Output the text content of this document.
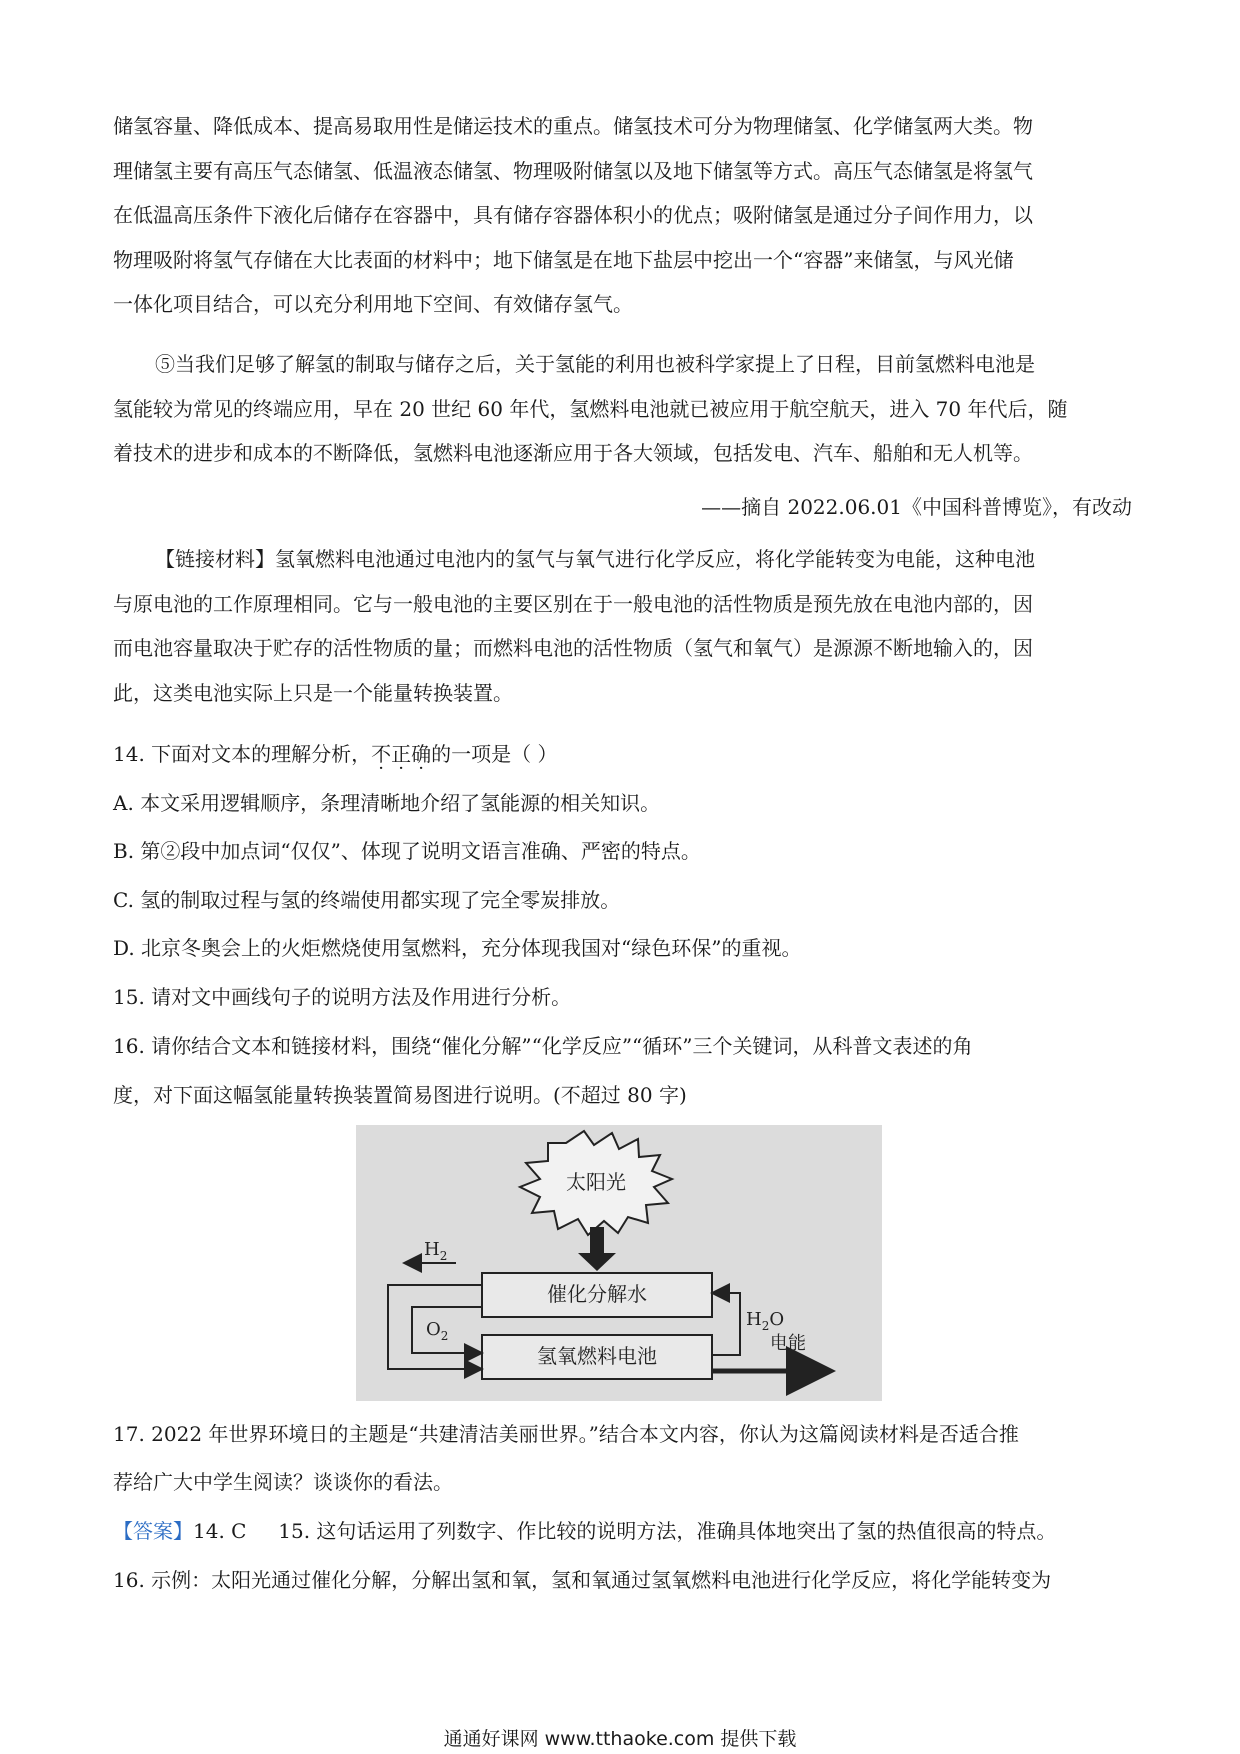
储氢容量、降低成本、提高易取用性是储运技术的重点。储氢技术可分为物理储氢、化学储氢两大类。物
理储氢主要有高压气态储氢、低温液态储氢、物理吸附储氢以及地下储氢等方式。高压气态储氢是将氢气
在低温高压条件下液化后储存在容器中，具有储存容器体积小的优点；吸附储氢是通过分子间作用力，以
物理吸附将氢气存储在大比表面的材料中；地下储氢是在地下盐层中挖出一个“容器”来储氢，与风光储
一体化项目结合，可以充分利用地下空间、有效储存氢气。
⑤当我们足够了解氢的制取与储存之后，关于氢能的利用也被科学家提上了日程，目前氢燃料电池是
氢能较为常见的终端应用，早在 20 世纪 60 年代，氢燃料电池就已被应用于航空航天，进入 70 年代后，随
着技术的进步和成本的不断降低，氢燃料电池逐渐应用于各大领域，包括发电、汽车、船舶和无人机等。
——摘自 2022.06.01《中国科普博览》，有改动
【链接材料】氢氧燃料电池通过电池内的氢气与氧气进行化学反应，将化学能转变为电能，这种电池
与原电池的工作原理相同。它与一般电池的主要区别在于一般电池的活性物质是预先放在电池内部的，因
而电池容量取决于贮存的活性物质的量；而燃料电池的活性物质（氢气和氧气）是源源不断地输入的，因
此，这类电池实际上只是一个能量转换装置。
14. 下面对文本的理解分析，不正确的一项是（ ）
A. 本文采用逻辑顺序，条理清晰地介绍了氢能源的相关知识。
B. 第②段中加点词“仅仅”、体现了说明文语言准确、严密的特点。
C. 氢的制取过程与氢的终端使用都实现了完全零炭排放。
D. 北京冬奥会上的火炬燃烧使用氢燃料，充分体现我国对“绿色环保”的重视。
15. 请对文中画线句子的说明方法及作用进行分析。
16. 请你结合文本和链接材料，围绕“催化分解”“化学反应”“循环”三个关键词，从科普文表述的角
度，对下面这幅氢能量转换装置简易图进行说明。(不超过 80 字)
太阳光
催化分解水
氢氧燃料电池
$H_2$
$O_2$
$H_2O$
电能
17. 2022 年世界环境日的主题是“共建清洁美丽世界。”结合本文内容，你认为这篇阅读材料是否适合推
荐给广大中学生阅读？谈谈你的看法。
【答案】14. C 15. 这句话运用了列数字、作比较的说明方法，准确具体地突出了氢的热值很高的特点。
16. 示例：太阳光通过催化分解，分解出氢和氧，氢和氧通过氢氧燃料电池进行化学反应，将化学能转变为
通通好课网 www.tthaoke.com 提供下载
